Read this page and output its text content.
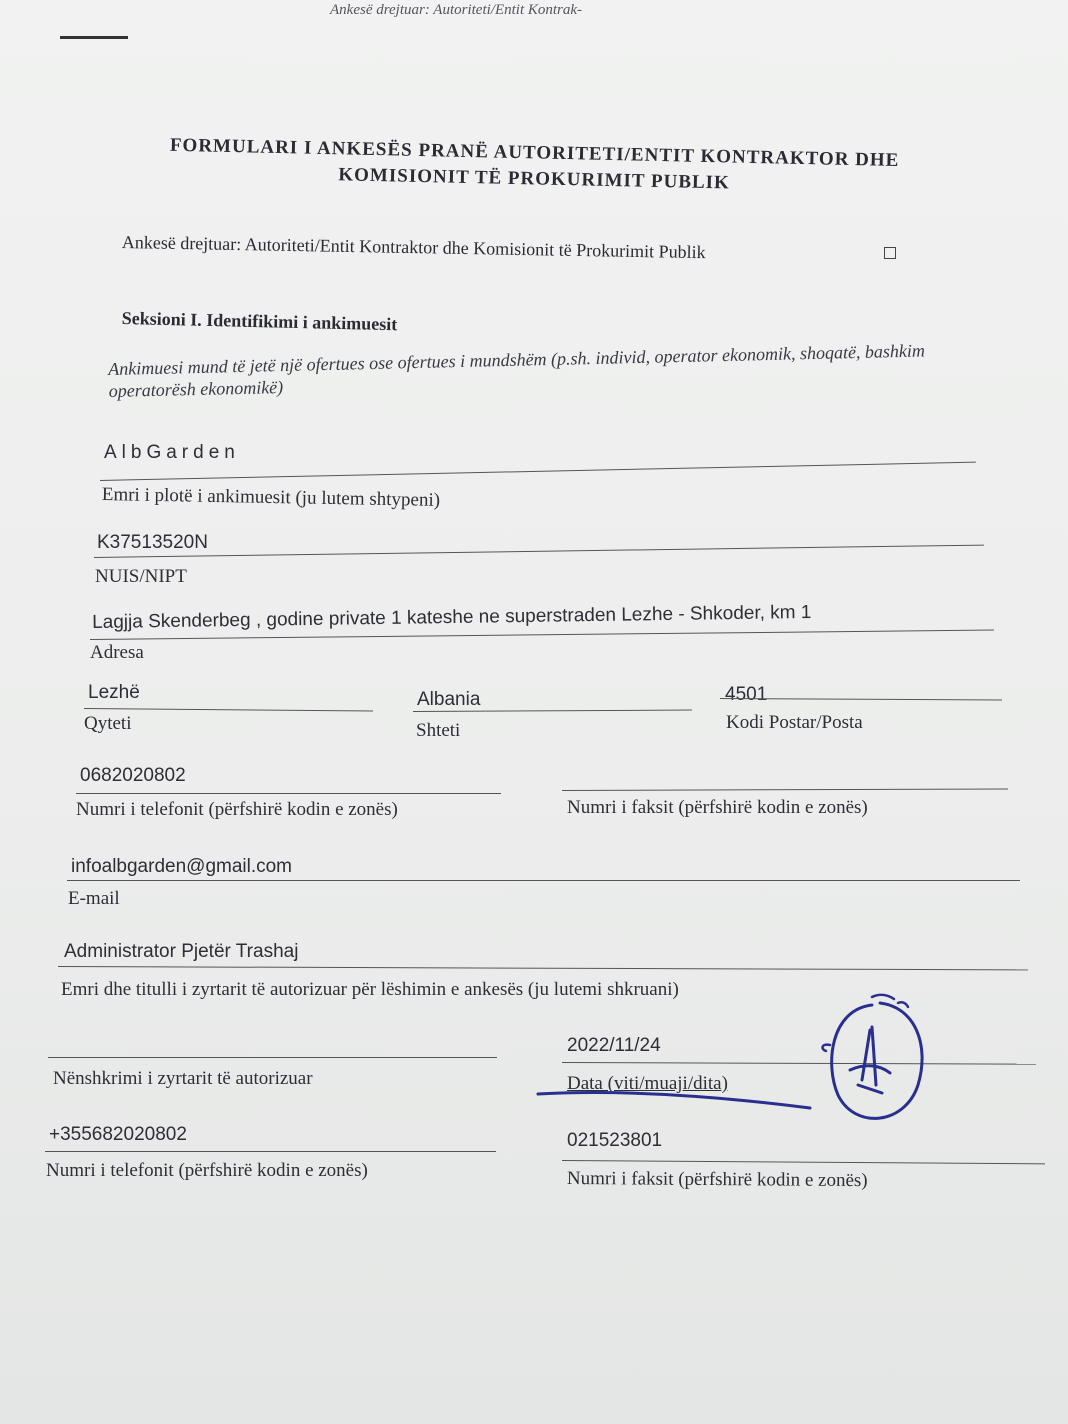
Ankesë drejtuar: Autoriteti/Entit Kontrak-
FORMULARI I ANKESËS PRANË AUTORITETI/ENTIT KONTRAKTOR DHE KOMISIONIT TË PROKURIMIT PUBLIK
Ankesë drejtuar: Autoriteti/Entit Kontraktor dhe Komisionit të Prokurimit Publik
Seksioni I. Identifikimi i ankimuesit
Ankimuesi mund të jetë një ofertues ose ofertues i mundshëm (p.sh. individ, operator ekonomik, shoqatë, bashkim operatorësh ekonomikë)
AlbGarden
Emri i plotë i ankimuesit (ju lutem shtypeni)
K37513520N
NUIS/NIPT
Lagjja Skenderbeg , godine private 1 kateshe ne superstraden Lezhe - Shkoder, km 1
Adresa
Lezhë
Qyteti
Albania
Shteti
4501
Kodi Postar/Posta
0682020802
Numri i telefonit (përfshirë kodin e zonës)	Numri i faksit (përfshirë kodin e zonës)
infoalbgarden@gmail.com
E-mail
Administrator Pjetër Trashaj
Emri dhe titulli i zyrtarit të autorizuar për lëshimin e ankesës (ju lutemi shkruani)
Nënshkrimi i zyrtarit të autorizuar
2022/11/24
Data (viti/muaji/dita)
+355682020802
Numri i telefonit (përfshirë kodin e zonës)
021523801
Numri i faksit (përfshirë kodin e zonës)
